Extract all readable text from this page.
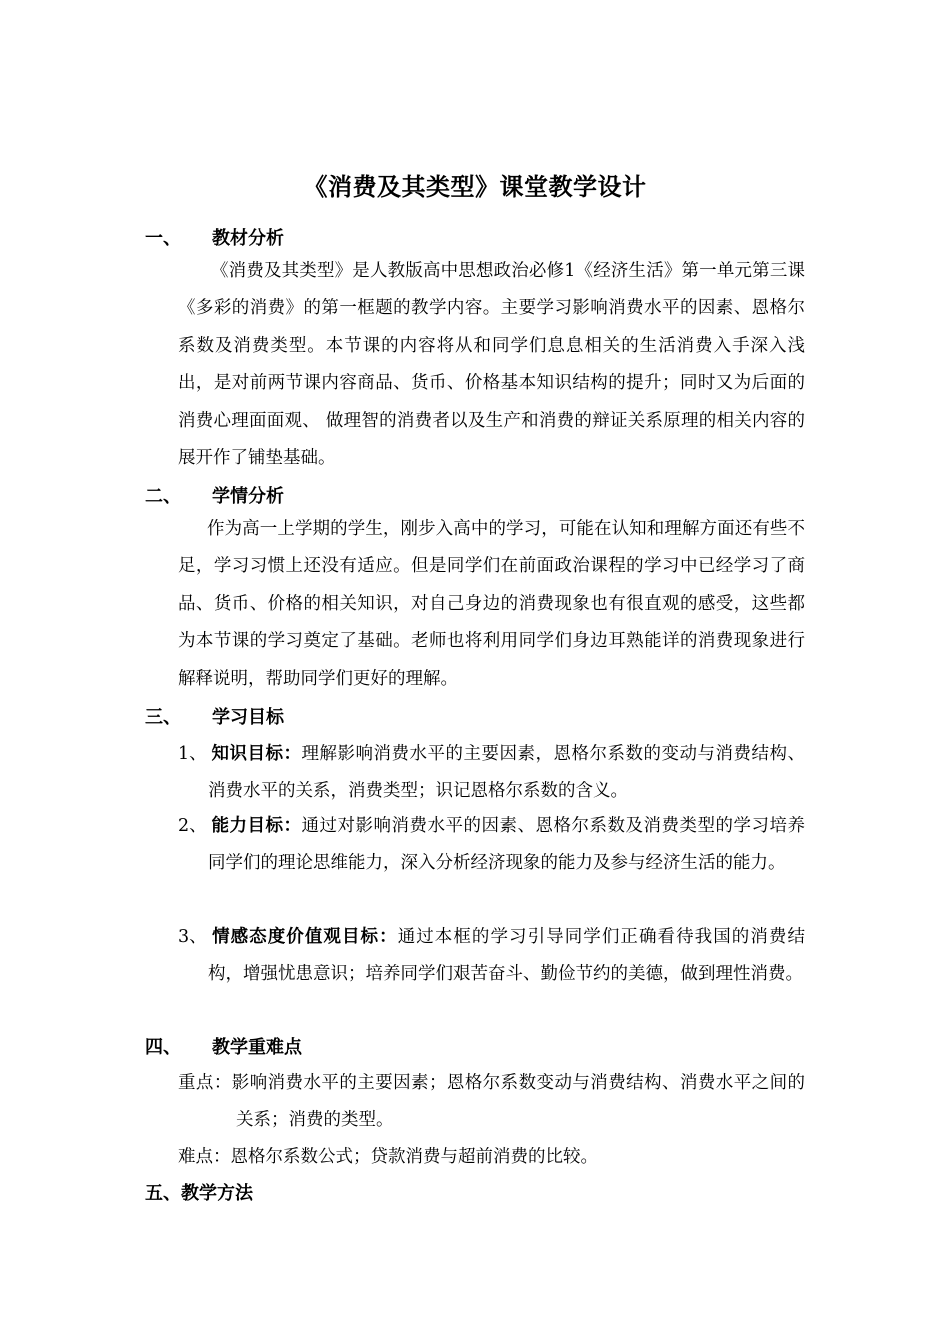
《消费及其类型》课堂教学设计
一、 教材分析
《消费及其类型》是人教版高中思想政治必修1《经济生活》第一单元第三课《多彩的消费》的第一框题的教学内容。主要学习影响消费水平的因素、恩格尔系数及消费类型。本节课的内容将从和同学们息息相关的生活消费入手深入浅出，是对前两节课内容商品、货币、价格基本知识结构的提升；同时又为后面的消费心理面面观、 做理智的消费者以及生产和消费的辩证关系原理的相关内容的展开作了铺垫基础。
二、 学情分析
作为高一上学期的学生，刚步入高中的学习，可能在认知和理解方面还有些不足，学习习惯上还没有适应。但是同学们在前面政治课程的学习中已经学习了商品、货币、价格的相关知识，对自己身边的消费现象也有很直观的感受，这些都为本节课的学习奠定了基础。老师也将利用同学们身边耳熟能详的消费现象进行解释说明，帮助同学们更好的理解。
三、 学习目标
1、 知识目标：理解影响消费水平的主要因素，恩格尔系数的变动与消费结构、消费水平的关系，消费类型；识记恩格尔系数的含义。
2、 能力目标：通过对影响消费水平的因素、恩格尔系数及消费类型的学习培养同学们的理论思维能力，深入分析经济现象的能力及参与经济生活的能力。
3、 情感态度价值观目标：通过本框的学习引导同学们正确看待我国的消费结构，增强忧患意识；培养同学们艰苦奋斗、勤俭节约的美德，做到理性消费。
四、 教学重难点
重点：影响消费水平的主要因素；恩格尔系数变动与消费结构、消费水平之间的关系；消费的类型。
难点：恩格尔系数公式；贷款消费与超前消费的比较。
五、教学方法
